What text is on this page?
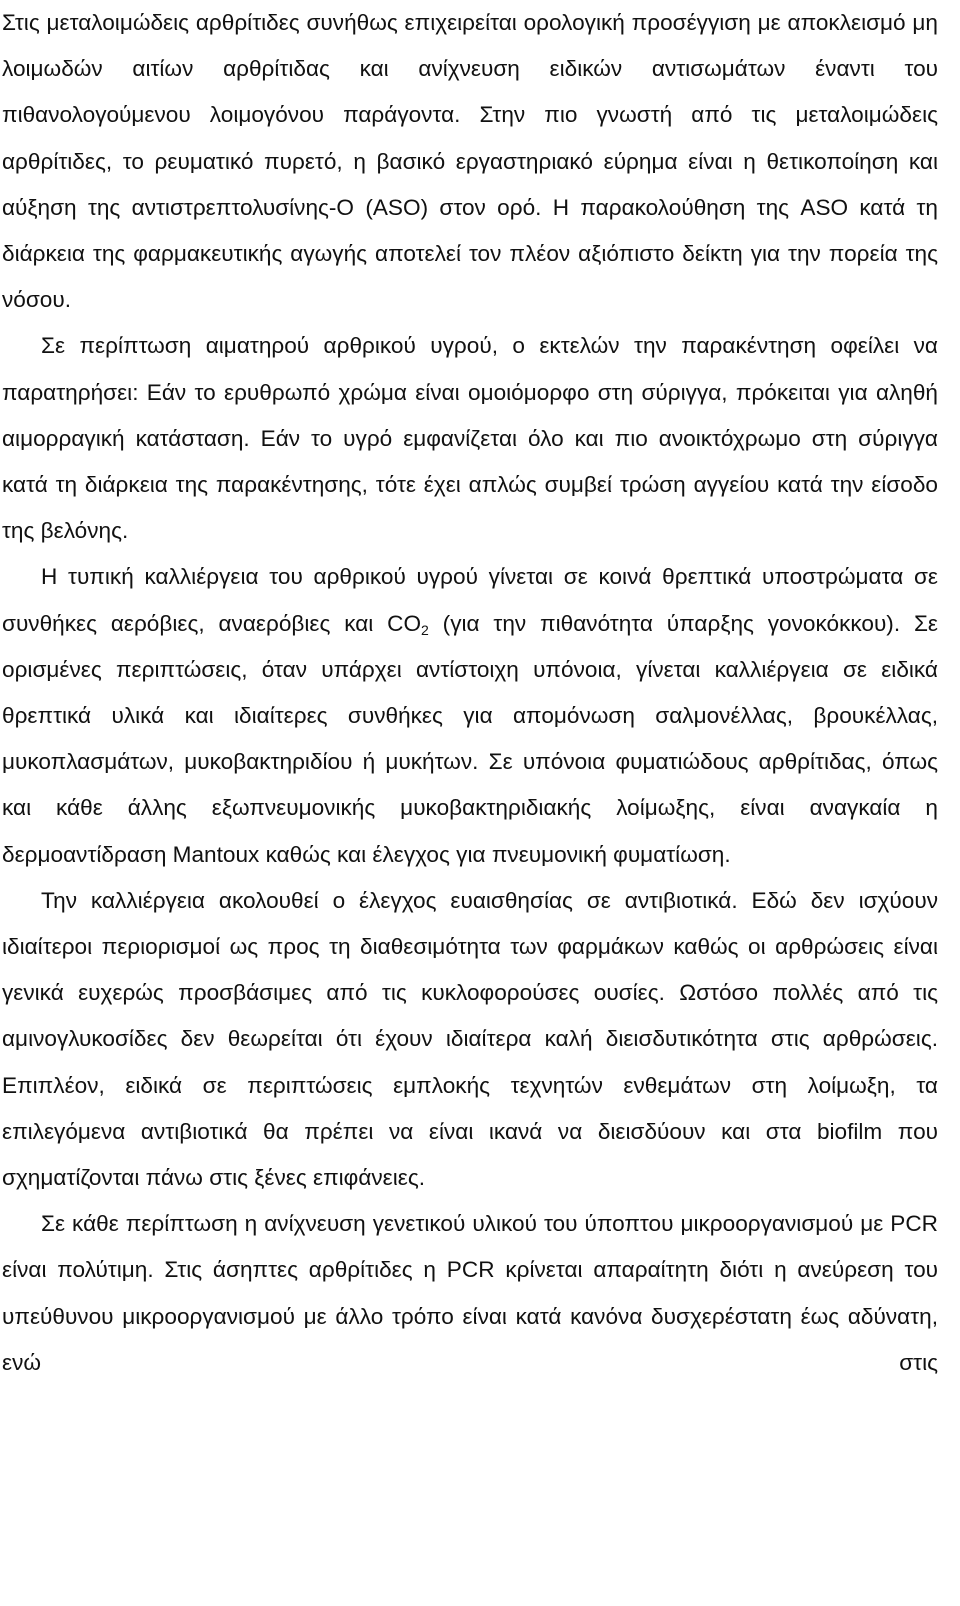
Στις μεταλοιμώδεις αρθρίτιδες συνήθως επιχειρείται ορολογική προσέγγιση με αποκλεισμό μη λοιμωδών αιτίων αρθρίτιδας και ανίχνευση ειδικών αντισωμάτων έναντι του πιθανολογούμενου λοιμογόνου παράγοντα. Στην πιο γνωστή από τις μεταλοιμώδεις αρθρίτιδες, το ρευματικό πυρετό, η βασικό εργαστηριακό εύρημα είναι η θετικοποίηση και αύξηση της αντιστρεπτολυσίνης-Ο (ASO) στον ορό. Η παρακολούθηση της ASO κατά τη διάρκεια της φαρμακευτικής αγωγής αποτελεί τον πλέον αξιόπιστο δείκτη για την πορεία της νόσου.

Σε περίπτωση αιματηρού αρθρικού υγρού, ο εκτελών την παρακέντηση οφείλει να παρατηρήσει: Εάν το ερυθρωπό χρώμα είναι ομοιόμορφο στη σύριγγα, πρόκειται για αληθή αιμορραγική κατάσταση. Εάν το υγρό εμφανίζεται όλο και πιο ανοικτόχρωμο στη σύριγγα κατά τη διάρκεια της παρακέντησης, τότε έχει απλώς συμβεί τρώση αγγείου κατά την είσοδο της βελόνης.

Η τυπική καλλιέργεια του αρθρικού υγρού γίνεται σε κοινά θρεπτικά υποστρώματα σε συνθήκες αερόβιες, αναερόβιες και $CO_2$ (για την πιθανότητα ύπαρξης γονοκόκκου). Σε ορισμένες περιπτώσεις, όταν υπάρχει αντίστοιχη υπόνοια, γίνεται καλλιέργεια σε ειδικά θρεπτικά υλικά και ιδιαίτερες συνθήκες για απομόνωση σαλμονέλλας, βρουκέλλας, μυκοπλασμάτων, μυκοβακτηριδίου ή μυκήτων. Σε υπόνοια φυματιώδους αρθρίτιδας, όπως και κάθε άλλης εξωπνευμονικής μυκοβακτηριδιακής λοίμωξης, είναι αναγκαία η δερμοαντίδραση Mantoux καθώς και έλεγχος για πνευμονική φυματίωση.

Την καλλιέργεια ακολουθεί ο έλεγχος ευαισθησίας σε αντιβιοτικά. Εδώ δεν ισχύουν ιδιαίτεροι περιορισμοί ως προς τη διαθεσιμότητα των φαρμάκων καθώς οι αρθρώσεις είναι γενικά ευχερώς προσβάσιμες από τις κυκλοφορούσες ουσίες. Ωστόσο πολλές από τις αμινογλυκοσίδες δεν θεωρείται ότι έχουν ιδιαίτερα καλή διεισδυτικότητα στις αρθρώσεις. Επιπλέον, ειδικά σε περιπτώσεις εμπλοκής τεχνητών ενθεμάτων στη λοίμωξη, τα επιλεγόμενα αντιβιοτικά θα πρέπει να είναι ικανά να διεισδύουν και στα biofilm που σχηματίζονται πάνω στις ξένες επιφάνειες.

Σε κάθε περίπτωση η ανίχνευση γενετικού υλικού του ύποπτου μικροοργανισμού με PCR είναι πολύτιμη. Στις άσηπτες αρθρίτιδες η PCR κρίνεται απαραίτητη διότι η ανεύρεση του υπεύθυνου μικροοργανισμού με άλλο τρόπο είναι κατά κανόνα δυσχερέστατη έως αδύνατη, ενώ στις
